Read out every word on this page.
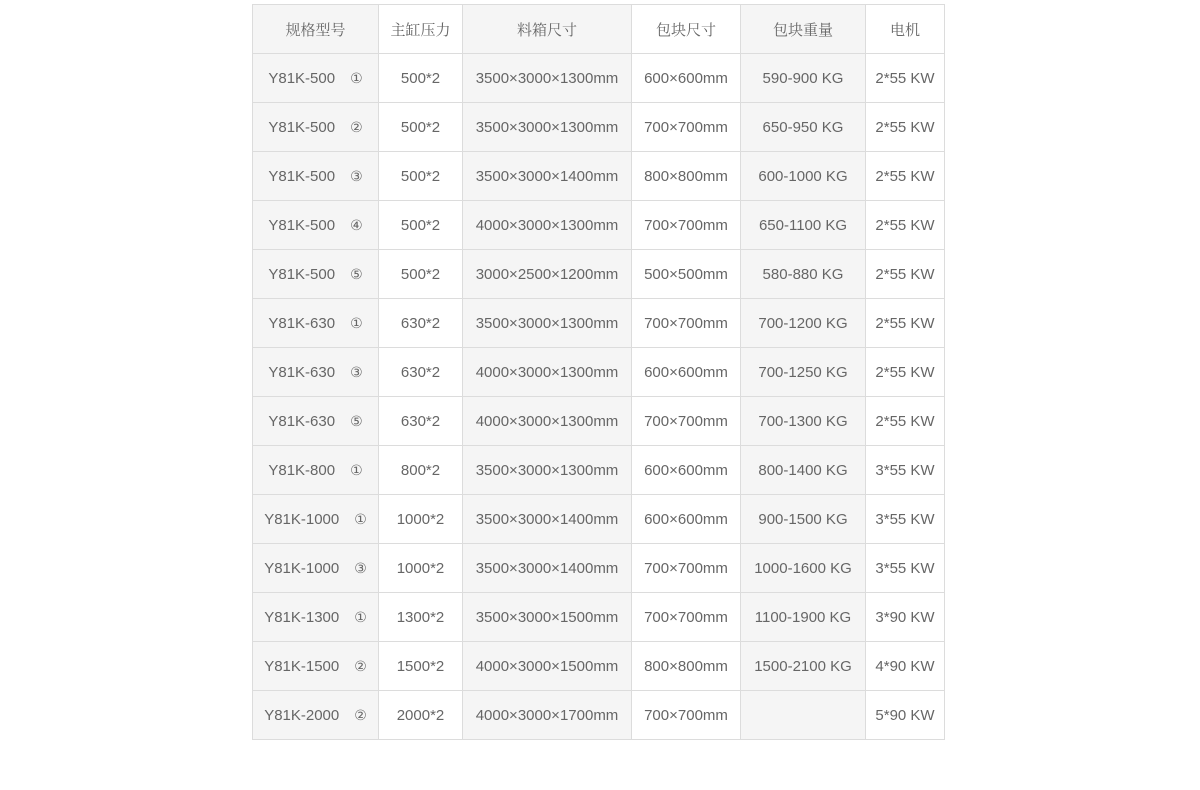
规格型号	主缸压力	料箱尺寸	包块尺寸	包块重量	电机

Y81K-500 ①	500*2	3500×3000×1300mm	600×600mm	590-900 KG	2*55 KW

Y81K-500 ②	500*2	3500×3000×1300mm	700×700mm	650-950 KG	2*55 KW

Y81K-500 ③	500*2	3500×3000×1400mm	800×800mm	600-1000 KG	2*55 KW

Y81K-500 ④	500*2	4000×3000×1300mm	700×700mm	650-1100 KG	2*55 KW

Y81K-500 ⑤	500*2	3000×2500×1200mm	500×500mm	580-880 KG	2*55 KW

Y81K-630 ①	630*2	3500×3000×1300mm	700×700mm	700-1200 KG	2*55 KW

Y81K-630 ③	630*2	4000×3000×1300mm	600×600mm	700-1250 KG	2*55 KW

Y81K-630 ⑤	630*2	4000×3000×1300mm	700×700mm	700-1300 KG	2*55 KW

Y81K-800 ①	800*2	3500×3000×1300mm	600×600mm	800-1400 KG	3*55 KW

Y81K-1000 ①	1000*2	3500×3000×1400mm	600×600mm	900-1500 KG	3*55 KW

Y81K-1000 ③	1000*2	3500×3000×1400mm	700×700mm	1000-1600 KG	3*55 KW

Y81K-1300 ①	1300*2	3500×3000×1500mm	700×700mm	1100-1900 KG	3*90 KW

Y81K-1500 ②	1500*2	4000×3000×1500mm	800×800mm	1500-2100 KG	4*90 KW

Y81K-2000 ②	2000*2	4000×3000×1700mm	700×700mm		5*90 KW
